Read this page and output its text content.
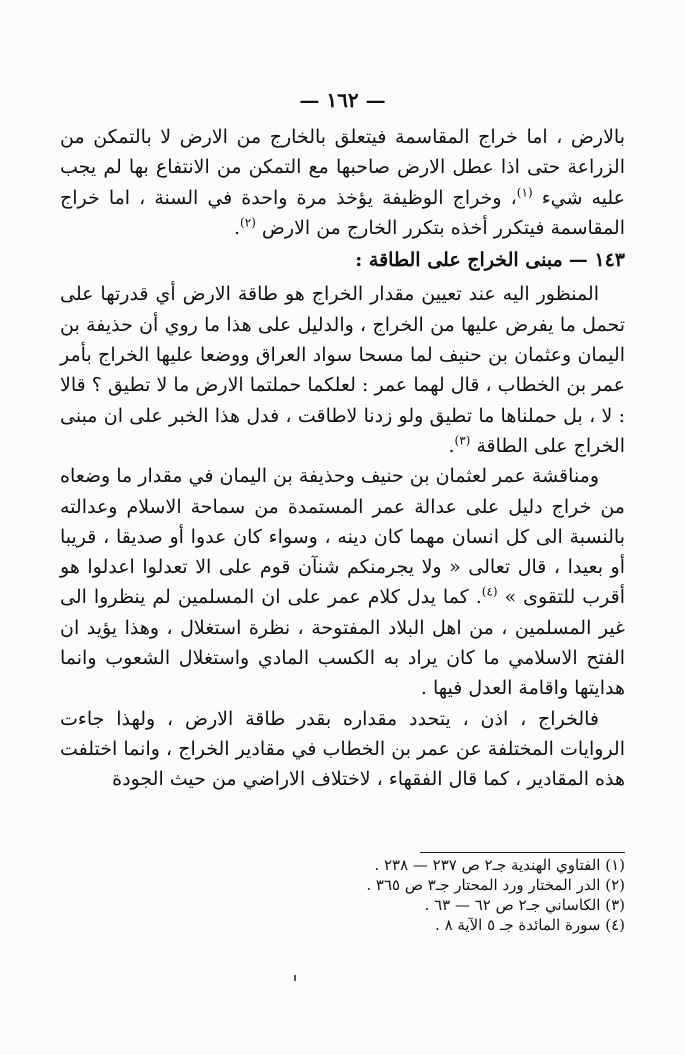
— ١٦٢ —

بالارض ، اما خراج المقاسمة فيتعلق بالخارج من الارض لا بالتمكن من الزراعة حتى اذا عطل الارض صاحبها مع التمكن من الانتفاع بها لم يجب عليه شيء $^{(١)}$، وخراج الوظيفة يؤخذ مرة واحدة في السنة ، اما خراج المقاسمة فيتكرر أخذه بتكرر الخارج من الارض $^{(٢)}$.

١٤٣ —مبنى الخراج على الطاقة :

المنظور اليه عند تعيين مقدار الخراج هو طاقة الارض أي قدرتها على تحمل ما يفرض عليها من الخراج ، والدليل على هذا ما روي أن حذيفة بن اليمان وعثمان بن حنيف لما مسحا سواد العراق ووضعا عليها الخراج بأمر عمر بن الخطاب ، قال لهما عمر : لعلكما حملتما الارض ما لا تطيق ؟ قالا : لا ، بل حملناها ما تطيق ولو زدنا لاطاقت ، فدل هذا الخبر على ان مبنى الخراج على الطاقة $^{(٣)}$.

ومناقشة عمر لعثمان بن حنيف وحذيفة بن اليمان في مقدار ما وضعاه من خراج دليل على عدالة عمر المستمدة من سماحة الاسلام وعدالته بالنسبة الى كل انسان مهما كان دينه ، وسواء كان عدوا أو صديقا ، قريبا أو بعيدا ، قال تعالى « ولا يجرمنكم شنآن قوم على الا تعدلوا اعدلوا هو أقرب للتقوى » $^{(٤)}$. كما يدل كلام عمر على ان المسلمين لم ينظروا الى غير المسلمين ، من اهل البلاد المفتوحة ، نظرة استغلال ، وهذا يؤيد ان الفتح الاسلامي ما كان يراد به الكسب المادي واستغلال الشعوب وانما هدايتها واقامة العدل فيها .

فالخراج ، اذن ، يتحدد مقداره بقدر طاقة الارض ، ولهذا جاءت الروايات المختلفة عن عمر بن الخطاب في مقادير الخراج ، وانما اختلفت هذه المقادير ، كما قال الفقهاء ، لاختلاف الاراضي من حيث الجودة

(١) الفتاوي الهندية جـ٢ ص ٢٣٧ — ٢٣٨ .

(٢) الدر المختار ورد المحتار جـ٣ ص ٣٦٥ .

(٣) الكاساني جـ٢ ص ٦٢ — ٦٣ .

(٤) سورة المائدة جـ ٥ الآية ٨ .
